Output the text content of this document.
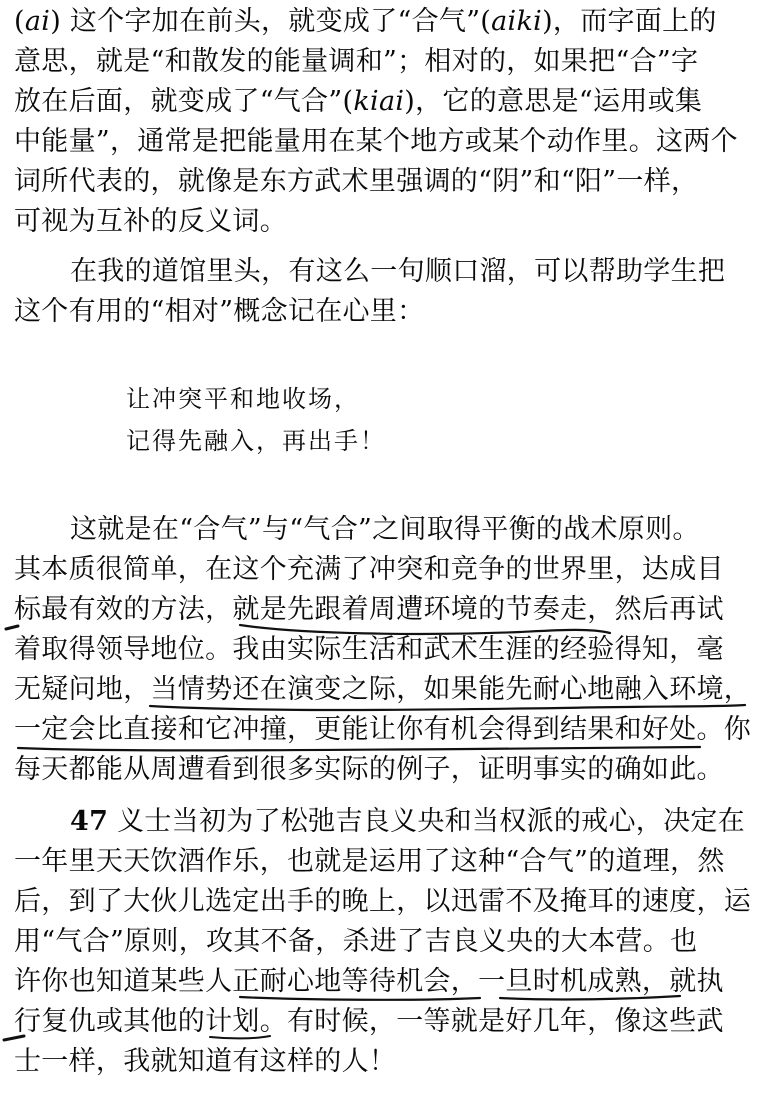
(ai) 这个字加在前头，就变成了“合气”(aiki)，而字面上的
意思，就是“和散发的能量调和”；相对的，如果把“合”字
放在后面，就变成了“气合”(kiai)，它的意思是“运用或集
中能量”，通常是把能量用在某个地方或某个动作里。这两个
词所代表的，就像是东方武术里强调的“阴”和“阳”一样，
可视为互补的反义词。
在我的道馆里头，有这么一句顺口溜，可以帮助学生把
这个有用的“相对”概念记在心里：
让冲突平和地收场，
记得先融入，再出手！
这就是在“合气”与“气合”之间取得平衡的战术原则。
其本质很简单，在这个充满了冲突和竞争的世界里，达成目
标最有效的方法，就是先跟着周遭环境的节奏走，然后再试
着取得领导地位。我由实际生活和武术生涯的经验得知，毫
无疑问地，当情势还在演变之际，如果能先耐心地融入环境，
一定会比直接和它冲撞，更能让你有机会得到结果和好处。你
每天都能从周遭看到很多实际的例子，证明事实的确如此。
47 义士当初为了松弛吉良义央和当权派的戒心，决定在
一年里天天饮酒作乐，也就是运用了这种“合气”的道理，然
后，到了大伙儿选定出手的晚上，以迅雷不及掩耳的速度，运
用“气合”原则，攻其不备，杀进了吉良义央的大本营。也
许你也知道某些人正耐心地等待机会，一旦时机成熟，就执
行复仇或其他的计划。有时候，一等就是好几年，像这些武
士一样，我就知道有这样的人！
